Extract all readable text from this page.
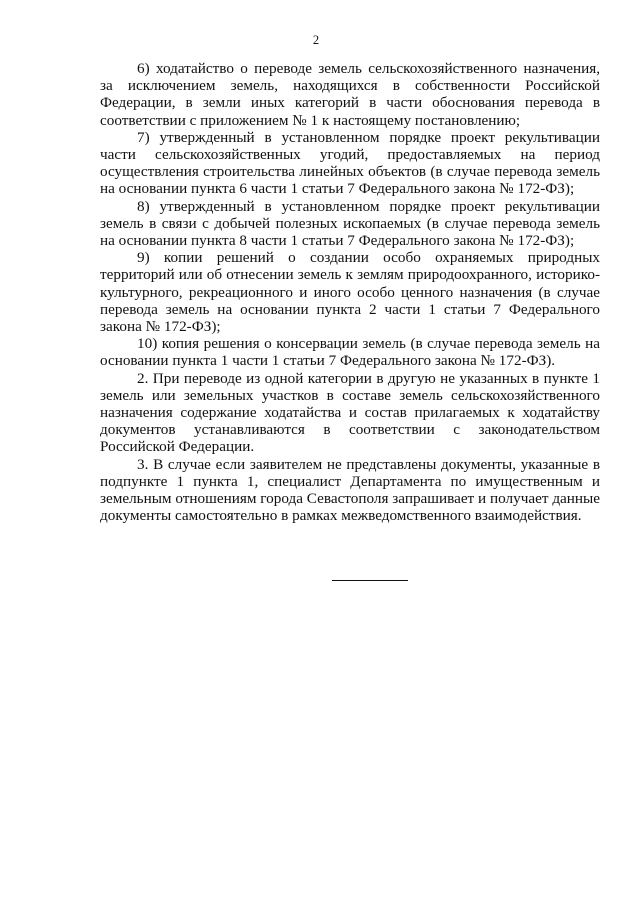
2

6) ходатайство о переводе земель сельскохозяйственного назначения, за исключением земель, находящихся в собственности Российской Федерации, в земли иных категорий в части обоснования перевода в соответствии с приложением № 1 к настоящему постановлению;

7) утвержденный в установленном порядке проект рекультивации части сельскохозяйственных угодий, предоставляемых на период осуществления строительства линейных объектов (в случае перевода земель на основании пункта 6 части 1 статьи 7 Федерального закона № 172-ФЗ);

8) утвержденный в установленном порядке проект рекультивации земель в связи с добычей полезных ископаемых (в случае перевода земель на основании пункта 8 части 1 статьи 7 Федерального закона № 172-ФЗ);

9) копии решений о создании особо охраняемых природных территорий или об отнесении земель к землям природоохранного, историко-культурного, рекреационного и иного особо ценного назначения (в случае перевода земель на основании пункта 2 части 1 статьи 7 Федерального закона № 172-ФЗ);

10) копия решения о консервации земель (в случае перевода земель на основании пункта 1 части 1 статьи 7 Федерального закона № 172-ФЗ).

2. При переводе из одной категории в другую не указанных в пункте 1 земель или земельных участков в составе земель сельскохозяйственного назначения содержание ходатайства и состав прилагаемых к ходатайству документов устанавливаются в соответствии с законодательством Российской Федерации.

3. В случае если заявителем не представлены документы, указанные в подпункте 1 пункта 1, специалист Департамента по имущественным и земельным отношениям города Севастополя запрашивает и получает данные документы самостоятельно в рамках межведомственного взаимодействия.
